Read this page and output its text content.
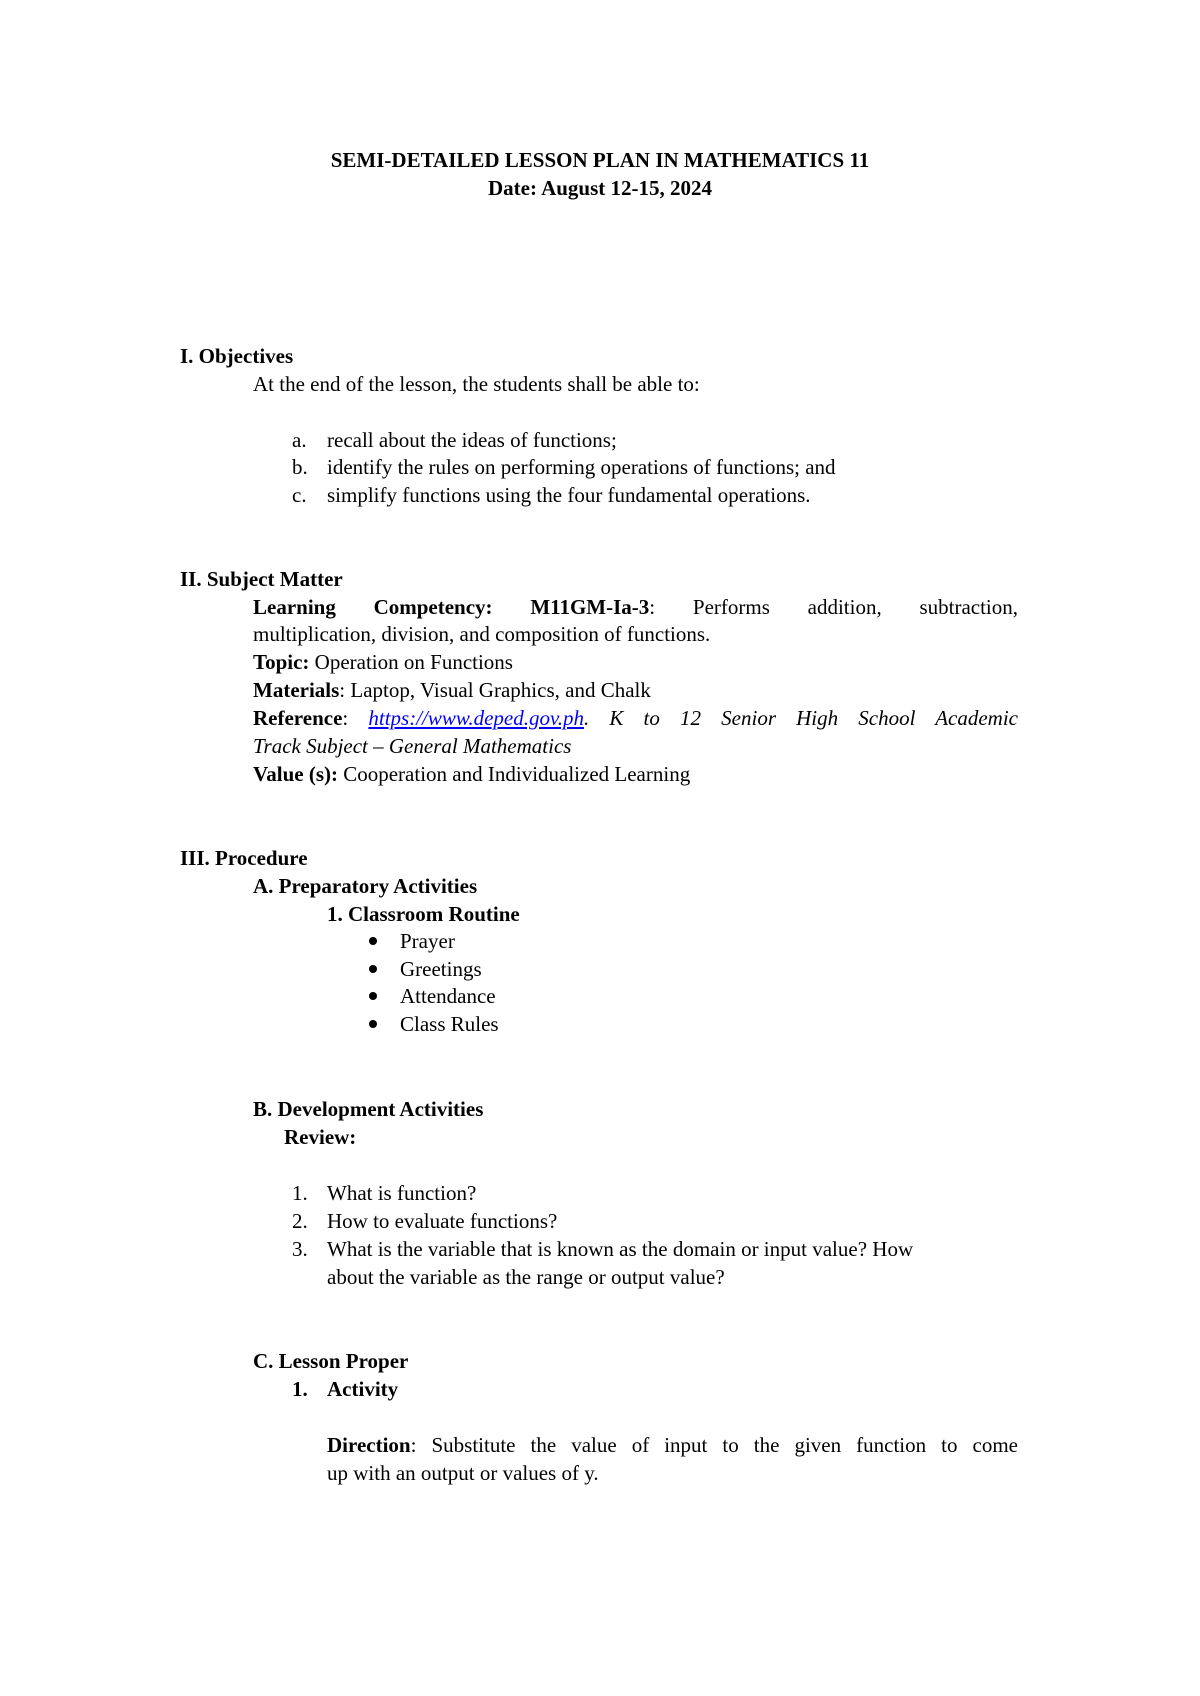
SEMI-DETAILED LESSON PLAN IN MATHEMATICS 11
Date: August 12-15, 2024
I. Objectives
At the end of the lesson, the students shall be able to:
a. recall about the ideas of functions;
b. identify the rules on performing operations of functions; and
c. simplify functions using the four fundamental operations.
II. Subject Matter
Learning Competency: M11GM-Ia-3: Performs addition, subtraction,
multiplication, division, and composition of functions.
Topic: Operation on Functions
Materials: Laptop, Visual Graphics, and Chalk
Reference: https://www.deped.gov.ph. K to 12 Senior High School Academic
Track Subject – General Mathematics
Value (s): Cooperation and Individualized Learning
III. Procedure
A. Preparatory Activities
1. Classroom Routine
Prayer
Greetings
Attendance
Class Rules
B. Development Activities
Review:
1. What is function?
2. How to evaluate functions?
3. What is the variable that is known as the domain or input value? How
about the variable as the range or output value?
C. Lesson Proper
1. Activity
Direction: Substitute the value of input to the given function to come
up with an output or values of y.
